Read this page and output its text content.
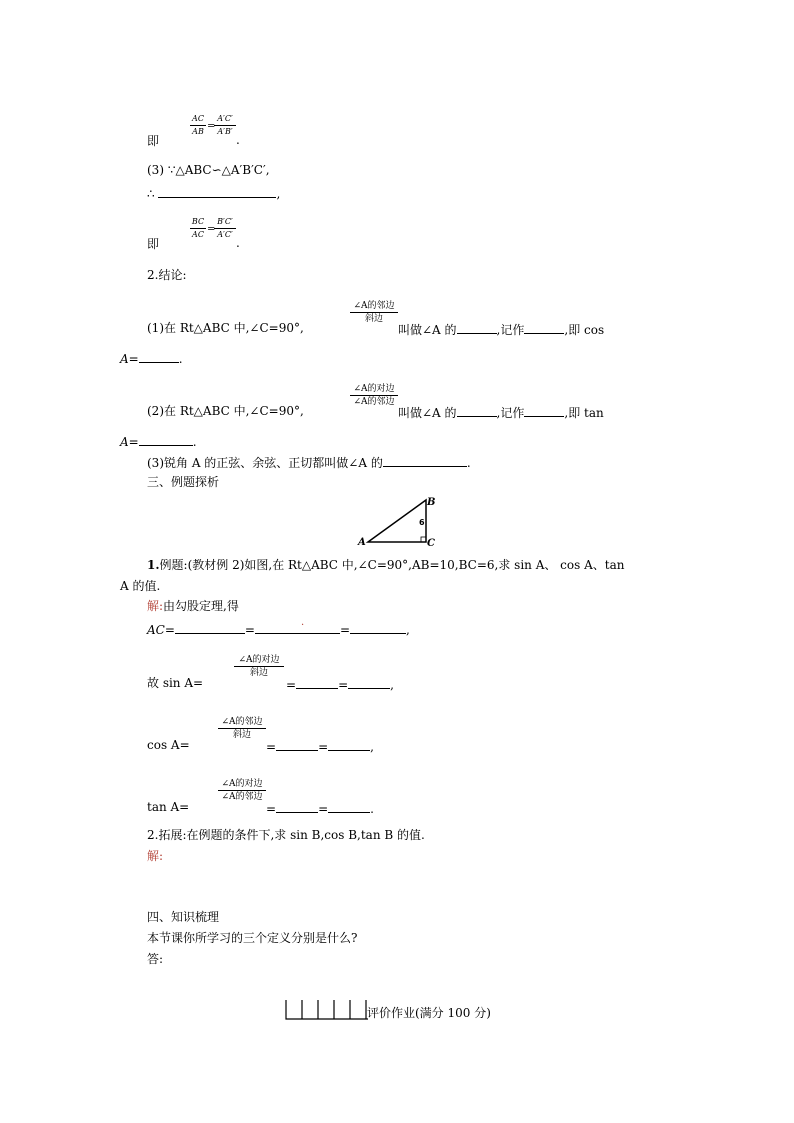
AC
AB =
A′C′
A′B′
即	.
(3) ∵△ABC∽△A′B′C′,
∴	,
BC
AC =
B′C′
A′C′
即	.
2.结论:
∠A的邻边
斜边
(1)在 Rt△ABC 中,∠C=90°,	叫做∠A 的	,记作	,即 cos
A=	.
∠A的对边
∠A的邻边
(2)在 Rt△ABC 中,∠C=90°,	叫做∠A 的	,记作	,即 tan
A=	.
(3)锐角 A 的正弦、余弦、正切都叫做∠A 的	.
三、例题探析
A
B
C
6
1.例题:(教材例 2)如图,在 Rt△ABC 中,∠C=90°,AB=10,BC=6,求 sin A、 cos A、tan
A 的值.
解:由勾股定理,得
AC=	=	=	,
.
∠A的对边
斜边
故 sin A=	=	=	,
∠A的邻边
斜边
cos A=	=	=	,
∠A的对边
∠A的邻边
tan A=	=	=	.
2.拓展:在例题的条件下,求 sin B,cos B,tan B 的值.
解:
四、知识梳理
本节课你所学习的三个定义分别是什么?
答:
评价作业(满分 100 分)
